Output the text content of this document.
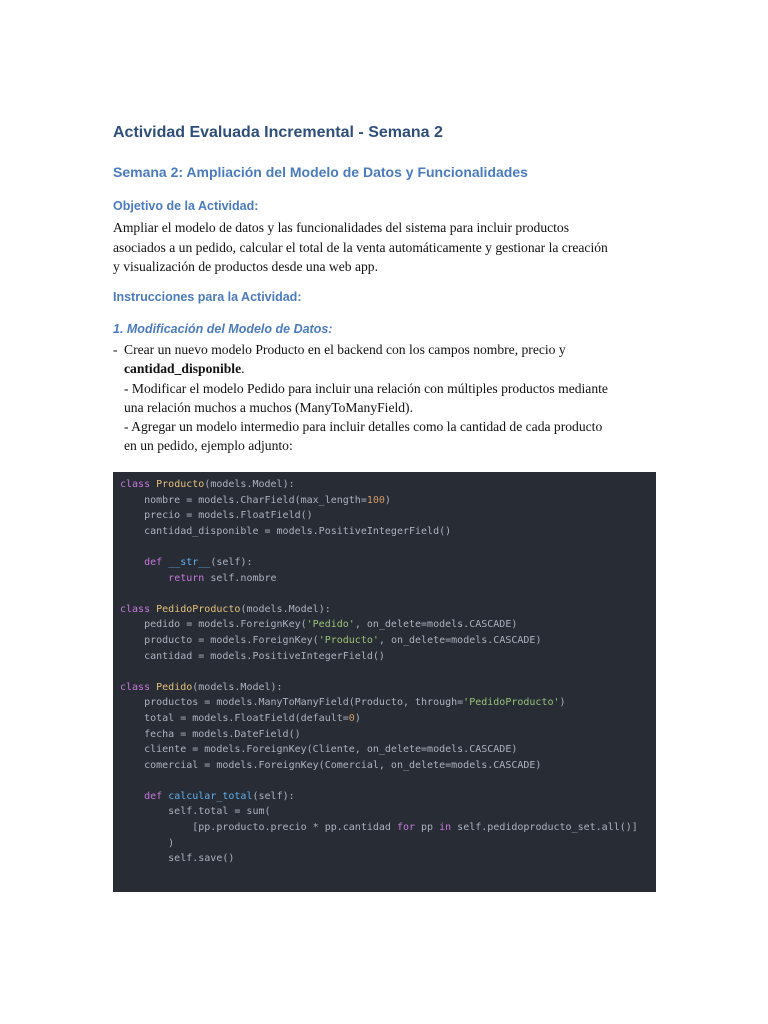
Actividad Evaluada Incremental - Semana 2
Semana 2: Ampliación del Modelo de Datos y Funcionalidades
Objetivo de la Actividad:
Ampliar el modelo de datos y las funcionalidades del sistema para incluir productos
asociados a un pedido, calcular el total de la venta automáticamente y gestionar la creación
y visualización de productos desde una web app.
Instrucciones para la Actividad:
1. Modificación del Modelo de Datos:
- Crear un nuevo modelo Producto en el backend con los campos nombre, precio y
cantidad_disponible.
- Modificar el modelo Pedido para incluir una relación con múltiples productos mediante
una relación muchos a muchos (ManyToManyField).
- Agregar un modelo intermedio para incluir detalles como la cantidad de cada producto
en un pedido, ejemplo adjunto:
class Producto(models.Model):
nombre = models.CharField(max_length=100)
precio = models.FloatField()
cantidad_disponible = models.PositiveIntegerField()

def __str__(self):
return self.nombre

class PedidoProducto(models.Model):
pedido = models.ForeignKey('Pedido', on_delete=models.CASCADE)
producto = models.ForeignKey('Producto', on_delete=models.CASCADE)
cantidad = models.PositiveIntegerField()

class Pedido(models.Model):
productos = models.ManyToManyField(Producto, through='PedidoProducto')
total = models.FloatField(default=0)
fecha = models.DateField()
cliente = models.ForeignKey(Cliente, on_delete=models.CASCADE)
comercial = models.ForeignKey(Comercial, on_delete=models.CASCADE)

def calcular_total(self):
self.total = sum(
[pp.producto.precio * pp.cantidad for pp in self.pedidoproducto_set.all()]
)
self.save()
